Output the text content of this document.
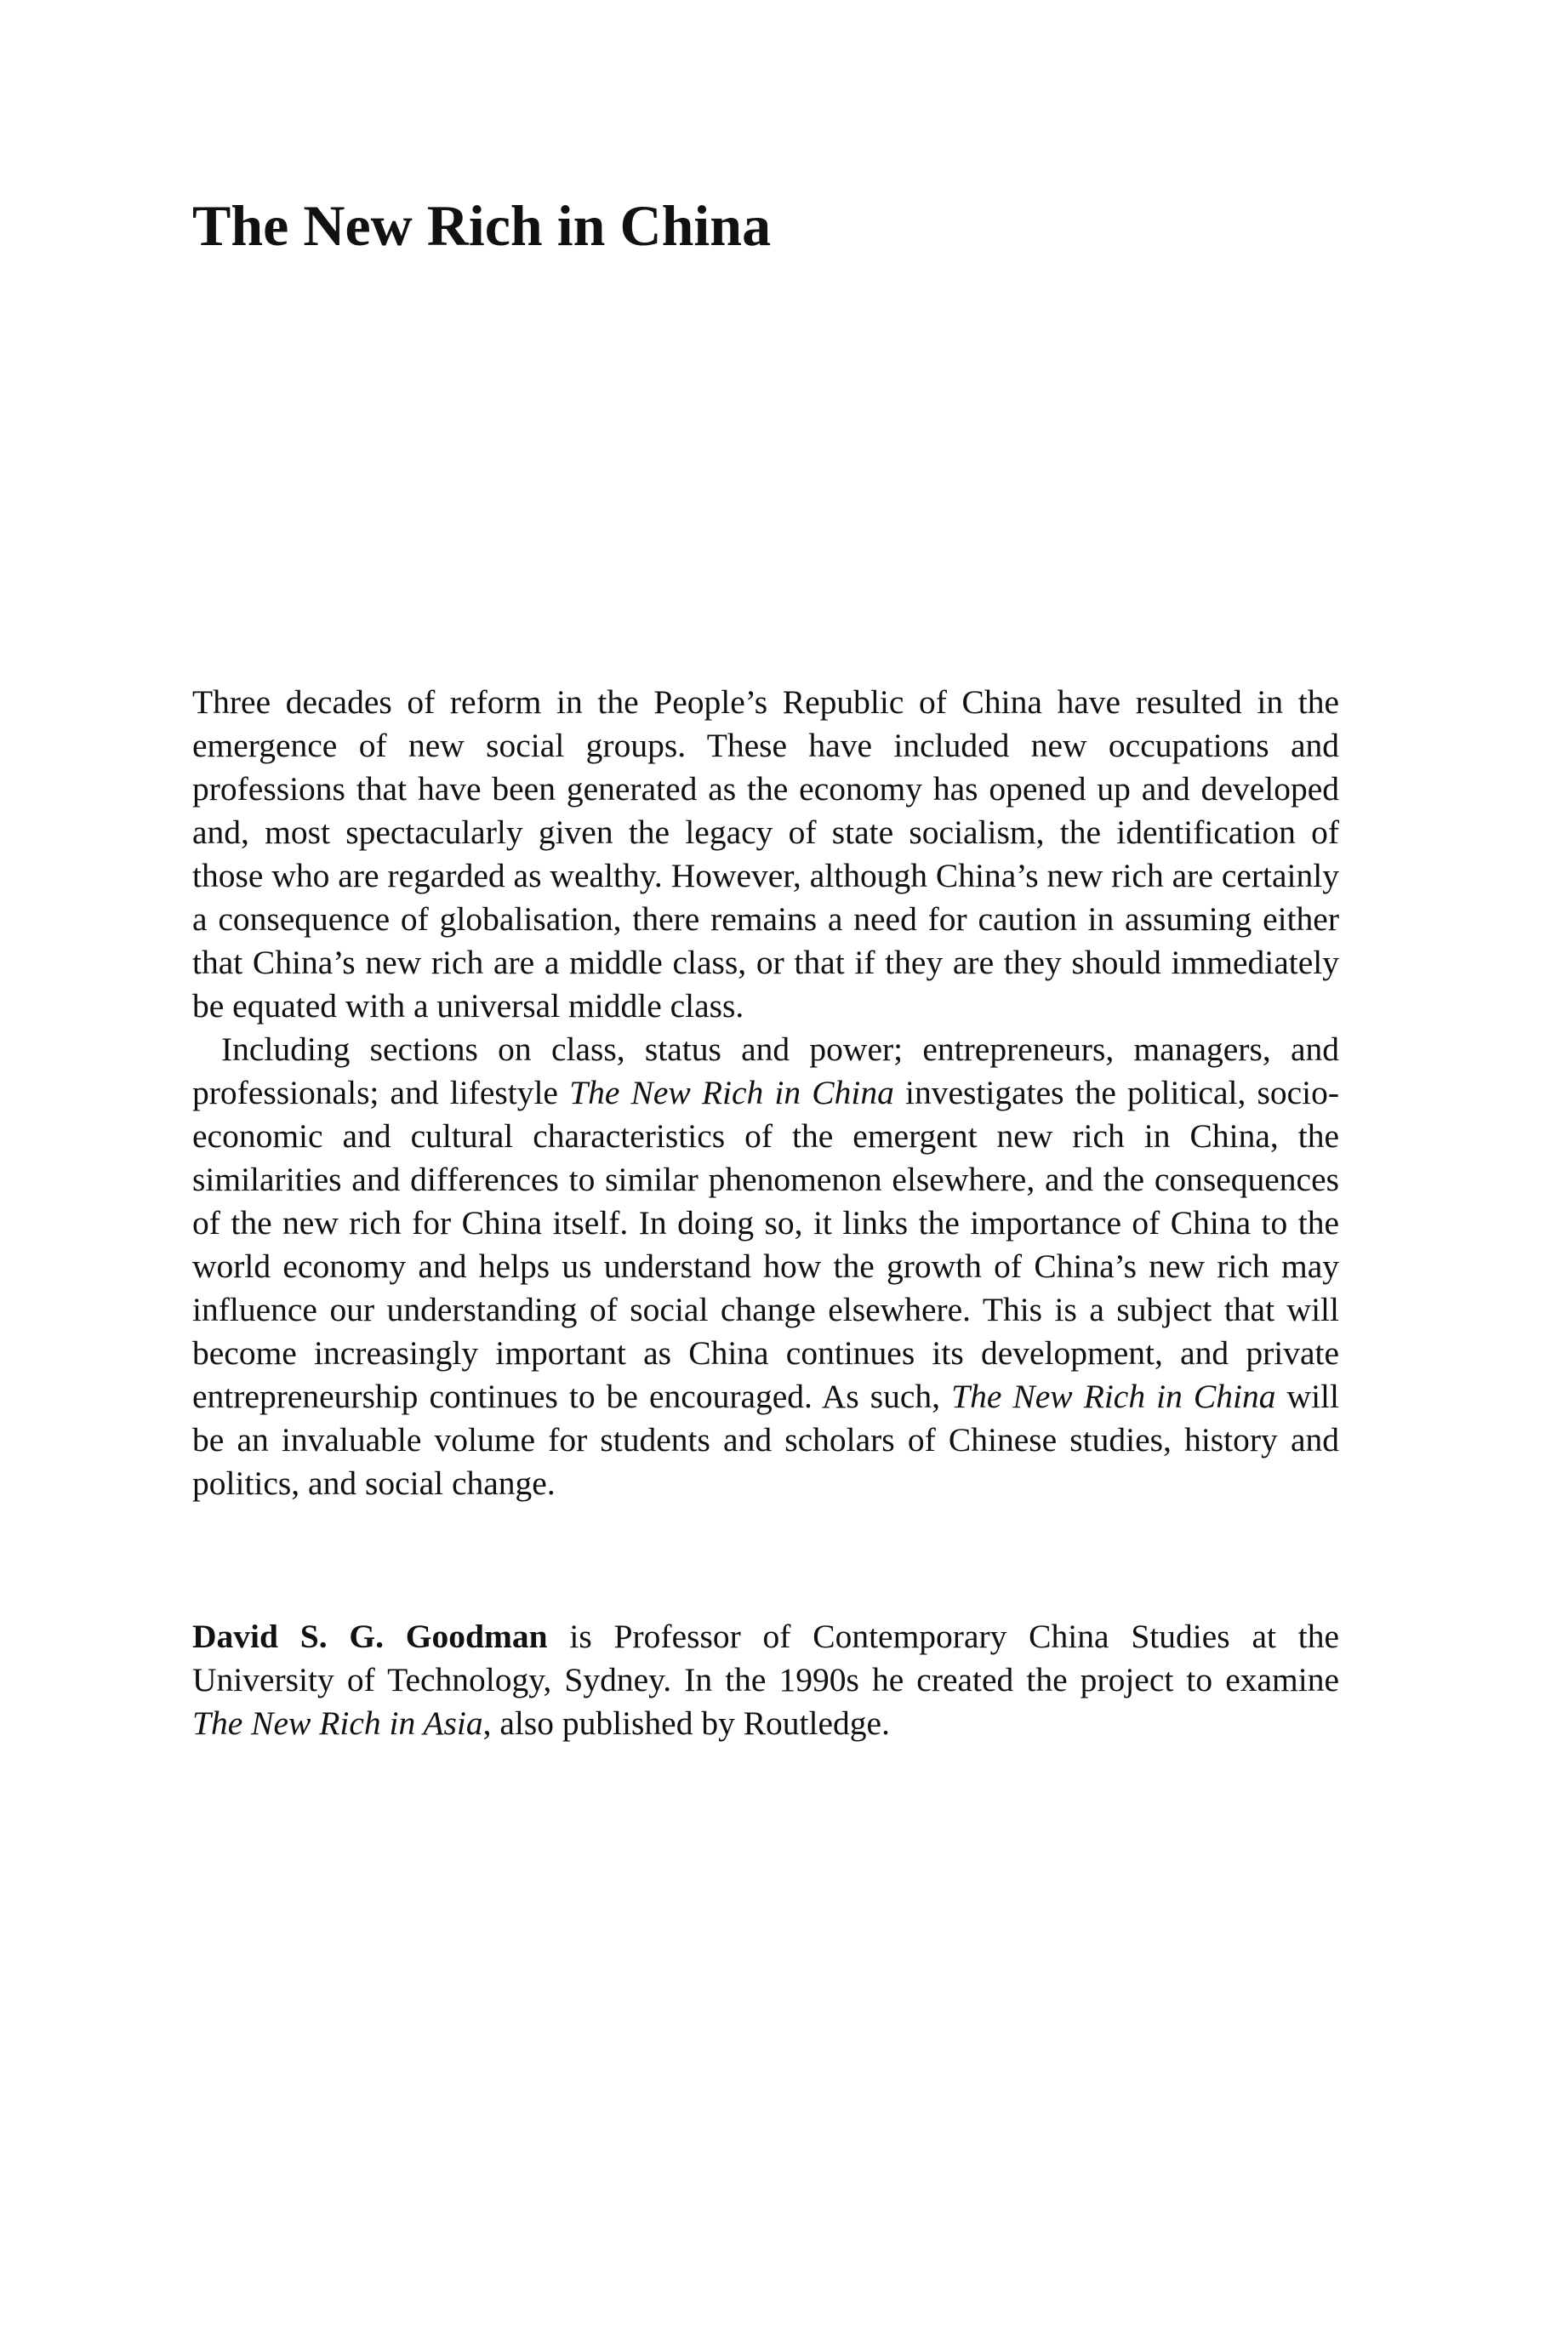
The New Rich in China

Three decades of reform in the People’s Republic of China have resulted in the emergence of new social groups. These have included new occupations and professions that have been generated as the economy has opened up and developed and, most spectacularly given the legacy of state socialism, the identification of those who are regarded as wealthy. However, although China’s new rich are certainly a consequence of globalisation, there remains a need for caution in assuming either that China’s new rich are a middle class, or that if they are they should immediately be equated with a universal middle class.

Including sections on class, status and power; entrepreneurs, managers, and professionals; and lifestyle The New Rich in China investigates the political, socio-economic and cultural characteristics of the emergent new rich in China, the similarities and differences to similar phenomenon elsewhere, and the consequences of the new rich for China itself. In doing so, it links the importance of China to the world economy and helps us understand how the growth of China’s new rich may influence our understanding of social change elsewhere. This is a subject that will become increasingly important as China continues its development, and private entrepreneurship continues to be encouraged. As such, The New Rich in China will be an invaluable volume for students and scholars of Chinese studies, history and politics, and social change.

David S. G. Goodman is Professor of Contemporary China Studies at the University of Technology, Sydney. In the 1990s he created the project to examine The New Rich in Asia, also published by Routledge.
